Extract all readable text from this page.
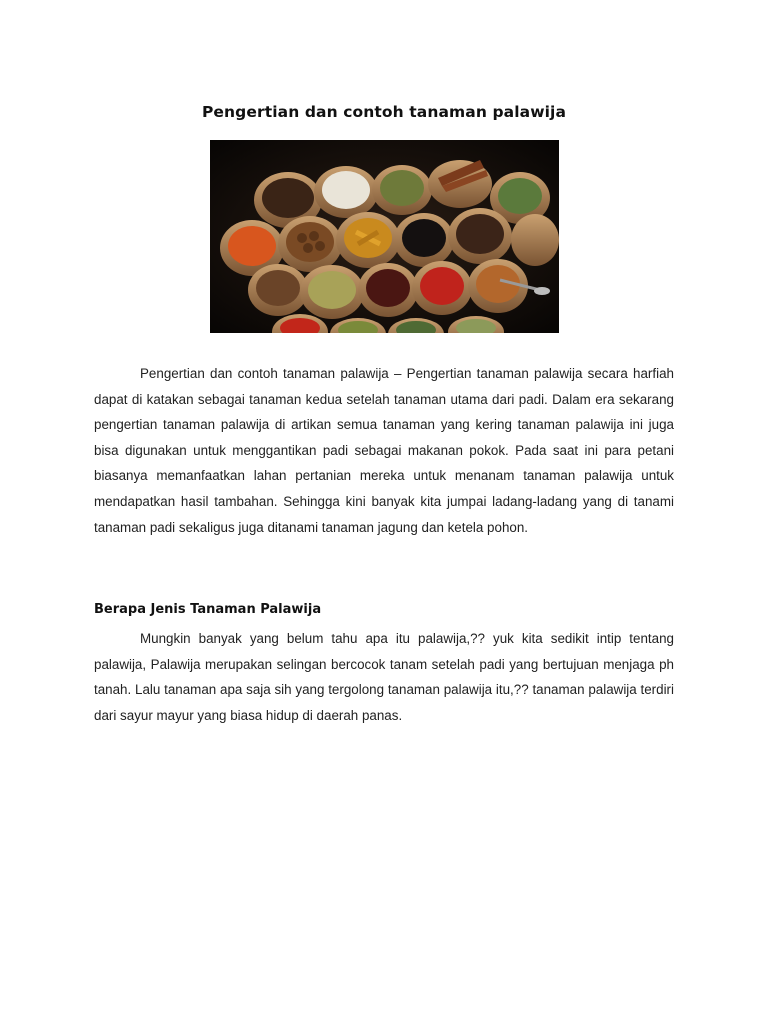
Pengertian dan contoh tanaman palawija

Pengertian dan contoh tanaman palawija – Pengertian tanaman palawija secara harfiah dapat di katakan sebagai tanaman kedua setelah tanaman utama dari padi. Dalam era sekarang pengertian tanaman palawija di artikan semua tanaman yang kering tanaman palawija ini juga bisa digunakan untuk menggantikan padi sebagai makanan pokok. Pada saat ini para petani biasanya memanfaatkan lahan pertanian mereka untuk menanam tanaman palawija untuk mendapatkan hasil tambahan. Sehingga kini banyak kita jumpai ladang-ladang yang di tanami tanaman padi sekaligus juga ditanami tanaman jagung dan ketela pohon.

Berapa Jenis Tanaman Palawija

Mungkin banyak yang belum tahu apa itu palawija,?? yuk kita sedikit intip tentang palawija, Palawija merupakan selingan bercocok tanam setelah padi yang bertujuan menjaga ph tanah. Lalu tanaman apa saja sih yang tergolong tanaman palawija itu,?? tanaman palawija terdiri dari sayur mayur yang biasa hidup di daerah panas.
